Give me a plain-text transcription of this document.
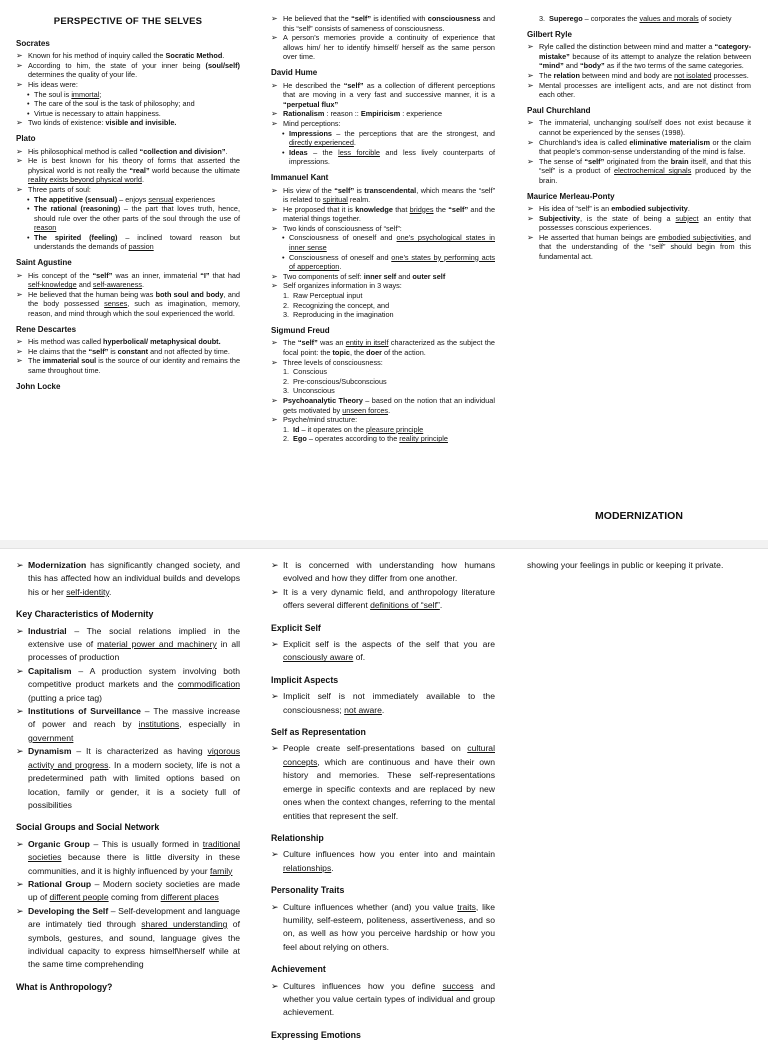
PERSPECTIVE OF THE SELVES
Socrates
➢ Known for his method of inquiry called the Socratic Method.
➢ According to him, the state of your inner being (soul/self) determines the quality of your life.
➢ His ideas were:
• The soul is immortal;
• The care of the soul is the task of philosophy; and
• Virtue is necessary to attain happiness.
➢ Two kinds of existence: visible and invisible.
Plato
➢ His philosophical method is called “collection and division”.
➢ He is best known for his theory of forms that asserted the physical world is not really the “real” world because the ultimate reality exists beyond physical world.
➢ Three parts of soul:
• The appetitive (sensual) – enjoys sensual experiences
• The rational (reasoning) – the part that loves truth, hence, should rule over the other parts of the soul through the use of reason
• The spirited (feeling) – inclined toward reason but understands the demands of passion
Saint Agustine
➢ His concept of the “self” was an inner, immaterial “I” that had self-knowledge and self-awareness.
➢ He believed that the human being was both soul and body, and the body possessed senses, such as imagination, memory, reason, and mind through which the soul experienced the world.
Rene Descartes
➢ His method was called hyperbolical/ metaphysical doubt.
➢ He claims that the “self” is constant and not affected by time.
➢ The immaterial soul is the source of our identity and remains the same throughout time.
John Locke
➢ He believed that the “self” is identified with consciousness and this “self” consists of sameness of consciousness.
➢ A person’s memories provide a continuity of experience that allows him/ her to identify himself/ herself as the same person over time.
David Hume
➢ He described the “self” as a collection of different perceptions that are moving in a very fast and successive manner, it is a “perpetual flux”
➢ Rationalism : reason :: Empiricism : experience
➢ Mind perceptions:
• Impressions – the perceptions that are the strongest, and directly experienced.
• Ideas – the less forcible and less lively counterparts of impressions.
Immanuel Kant
➢ His view of the “self” is transcendental, which means the “self” is related to spiritual realm.
➢ He proposed that it is knowledge that bridges the “self” and the material things together.
➢ Two kinds of consciousness of “self”:
• Consciousness of oneself and one’s psychological states in inner sense
• Consciousness of oneself and one’s states by performing acts of apperception.
➢ Two components of self: inner self and outer self
➢ Self organizes information in 3 ways:
1. Raw Perceptual input
2. Recognizing the concept, and
3. Reproducing in the imagination
Sigmund Freud
➢ The “self” was an entity in itself characterized as the subject the focal point: the topic, the doer of the action.
➢ Three levels of consciousness:
1. Conscious
2. Pre-conscious/Subconscious
3. Unconscious
➢ Psychoanalytic Theory – based on the notion that an individual gets motivated by unseen forces.
➢ Psyche/mind structure:
1. Id – it operates on the pleasure principle
2. Ego – operates according to the reality principle
3. Superego – corporates the values and morals of society
Gilbert Ryle
➢ Ryle called the distinction between mind and matter a “category-mistake” because of its attempt to analyze the relation between “mind” and “body” as if the two terms of the same categories.
➢ The relation between mind and body are not isolated processes.
➢ Mental processes are intelligent acts, and are not distinct from each other.
Paul Churchland
➢ The immaterial, unchanging soul/self does not exist because it cannot be experienced by the senses (1998).
➢ Churchland’s idea is called eliminative materialism or the claim that people’s common-sense understanding of the mind is false.
➢ The sense of “self” originated from the brain itself, and that this “self” is a product of electrochemical signals produced by the brain.
Maurice Merleau-Ponty
➢ His idea of “self” is an embodied subjectivity.
➢ Subjectivity, is the state of being a subject an entity that possesses conscious experiences.
➢ He asserted that human beings are embodied subjectivities, and that the understanding of the “self” should begin from this fundamental act.
MODERNIZATION
➢ Modernization has significantly changed society, and this has affected how an individual builds and develops his or her self-identity.
Key Characteristics of Modernity
➢ Industrial – The social relations implied in the extensive use of material power and machinery in all processes of production
➢ Capitalism – A production system involving both competitive product markets and the commodification (putting a price tag)
➢ Institutions of Surveillance – The massive increase of power and reach by institutions, especially in government
➢ Dynamism – It is characterized as having vigorous activity and progress. In a modern society, life is not a predetermined path with limited options based on location, family or gender, it is a society full of possibilities
Social Groups and Social Network
➢ Organic Group – This is usually formed in traditional societies because there is little diversity in these communities, and it is highly influenced by your family
➢ Rational Group – Modern society societies are made up of different people coming from different places
➢ Developing the Self – Self-development and language are intimately tied through shared understanding of symbols, gestures, and sound, language gives the individual capacity to express himself\herself while at the same time comprehending
What is Anthropology?
➢ It is concerned with understanding how humans evolved and how they differ from one another.
➢ It is a very dynamic field, and anthropology literature offers several different definitions of “self”.
Explicit Self
➢ Explicit self is the aspects of the self that you are consciously aware of.
Implicit Aspects
➢ Implicit self is not immediately available to the consciousness; not aware.
Self as Representation
➢ People create self-presentations based on cultural concepts, which are continuous and have their own history and memories. These self-representations emerge in specific contexts and are replaced by new ones when the context changes, referring to the mental entities that represent the self.
Relationship
➢ Culture influences how you enter into and maintain relationships.
Personality Traits
➢ Culture influences whether (and) you value traits, like humility, self-esteem, politeness, assertiveness, and so on, as well as how you perceive hardship or how you feel about relying on others.
Achievement
➢ Cultures influences how you define success and whether you value certain types of individual and group achievement.
Expressing Emotions
showing your feelings in public or keeping it private.
